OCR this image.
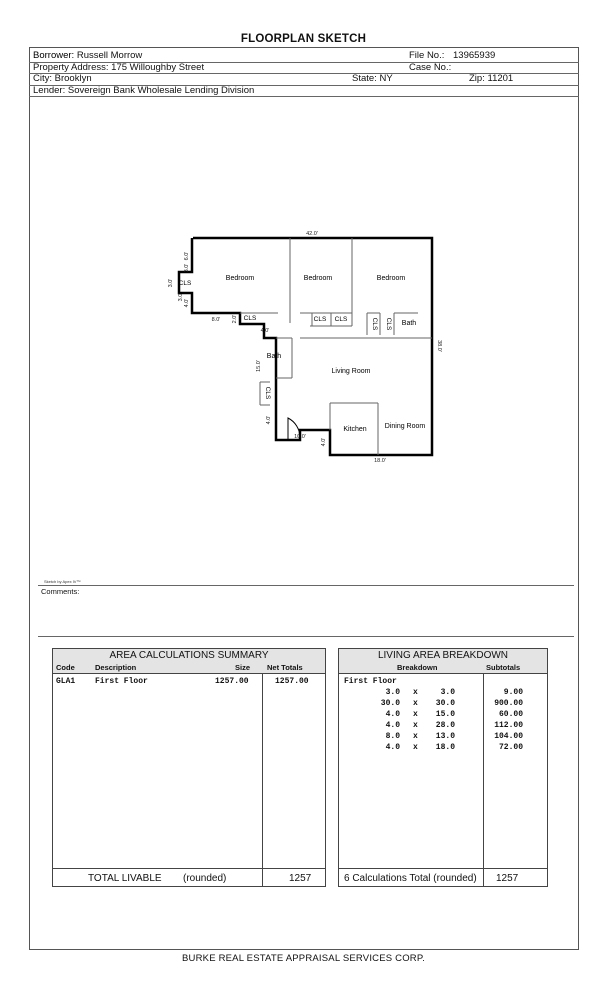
FLOORPLAN SKETCH
Borrower: Russell Morrow	File No.: 13965939
Property Address: 175 Willoughby Street	Case No.:
City: Brooklyn	State: NY	Zip: 11201
Lender: Sovereign Bank Wholesale Lending Division
Bedroom	Bedroom	Bedroom
Bath
Bath
Living Room
Kitchen	Dining Room
CLS
CLS	CLS CLS	CLS CLS
CLS
42.0'
38.0'
18.0'
4.0'
10.0'
4.0'
15.0'
4.0'
2.0'
8.0'
4.0'
3.0'
3.0'
3.0'
6.0'
Sketch by Apex IV™
Comments:
AREA CALCULATIONS SUMMARY
Code	Description	Size Net Totals
GLA1 First Floor	1257.00	1257.00
TOTAL LIVABLE (rounded)	1257
LIVING AREA BREAKDOWN
Breakdown	Subtotals
First Floor
3.0 x	3.0	9.00
30.0 x	30.0	900.00
4.0 x	15.0	60.00
4.0 x	28.0	112.00
8.0 x	13.0	104.00
4.0 x	18.0	72.00
6 Calculations Total (rounded) 1257
BURKE REAL ESTATE APPRAISAL SERVICES CORP.
